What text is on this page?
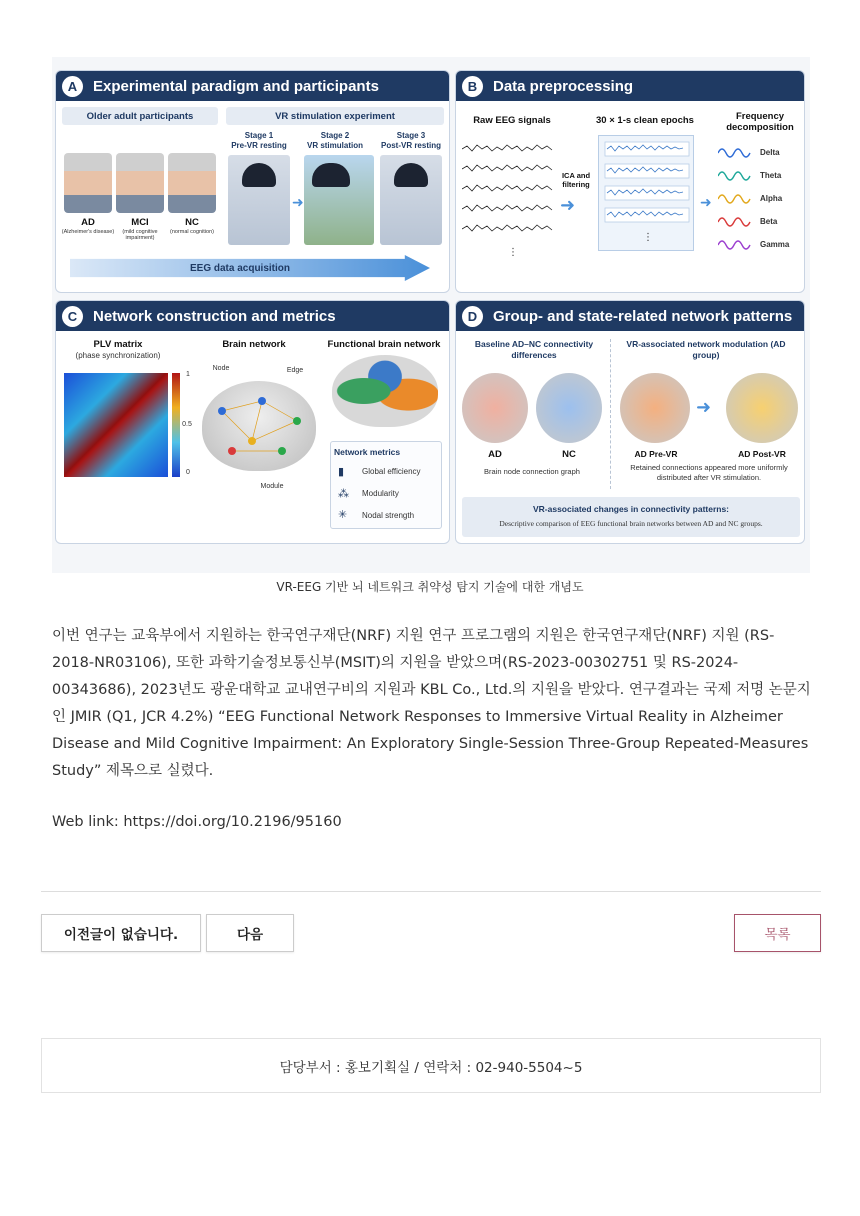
A	Experimental paradigm and participants
Older adult participants	VR stimulation experiment
AD
(Alzheimer's disease)
MCI
(mild cognitive impairment)
NC
(normal cognition)
Stage 1
Pre-VR resting
Stage 2
VR stimulation
Stage 3
Post-VR resting
➜
EEG data acquisition
B	Data preprocessing
Raw EEG signals	30 × 1-s clean epochs	Frequency decomposition
⋮
ICA and filtering
➜
⋮
➜
Delta
Theta
Alpha
Beta
Gamma
C	Network construction and metrics
PLV matrix
(phase synchronization)
1
0.5
0
Brain network
Node	Edge
Module
Functional brain network
Network metrics
▮ Global efficiency
⁂ Modularity
✳ Nodal strength
D	Group- and state-related network patterns
Baseline AD–NC connectivity differences
VR-associated network modulation (AD group)
AD	NC
Brain node connection graph
➜
AD Pre-VR	AD Post-VR
Retained connections appeared more uniformly distributed after VR stimulation.
VR-associated changes in connectivity patterns:
Descriptive comparison of EEG functional brain networks between AD and NC groups.
VR-EEG 기반 뇌 네트워크 취약성 탐지 기술에 대한 개념도

이번 연구는 교육부에서 지원하는 한국연구재단(NRF) 지원 연구 프로그램의 지원은 한국연구재단(NRF) 지원 (RS-2018-NR03106), 또한 과학기술정보통신부(MSIT)의 지원을 받았으며(RS-2023-00302751 및 RS-2024-00343686), 2023년도 광운대학교 교내연구비의 지원과 KBL Co., Ltd.의 지원을 받았다. 연구결과는 국제 저명 논문지인 JMIR (Q1, JCR 4.2%) “EEG Functional Network Responses to Immersive Virtual Reality in Alzheimer Disease and Mild Cognitive Impairment: An Exploratory Single-Session Three-Group Repeated-Measures Study” 제목으로 실렸다.

Web link: https://doi.org/10.2196/95160
이전글이 없습니다.	다음	목록
담당부서 : 홍보기획실 / 연락처 : 02-940-5504~5
